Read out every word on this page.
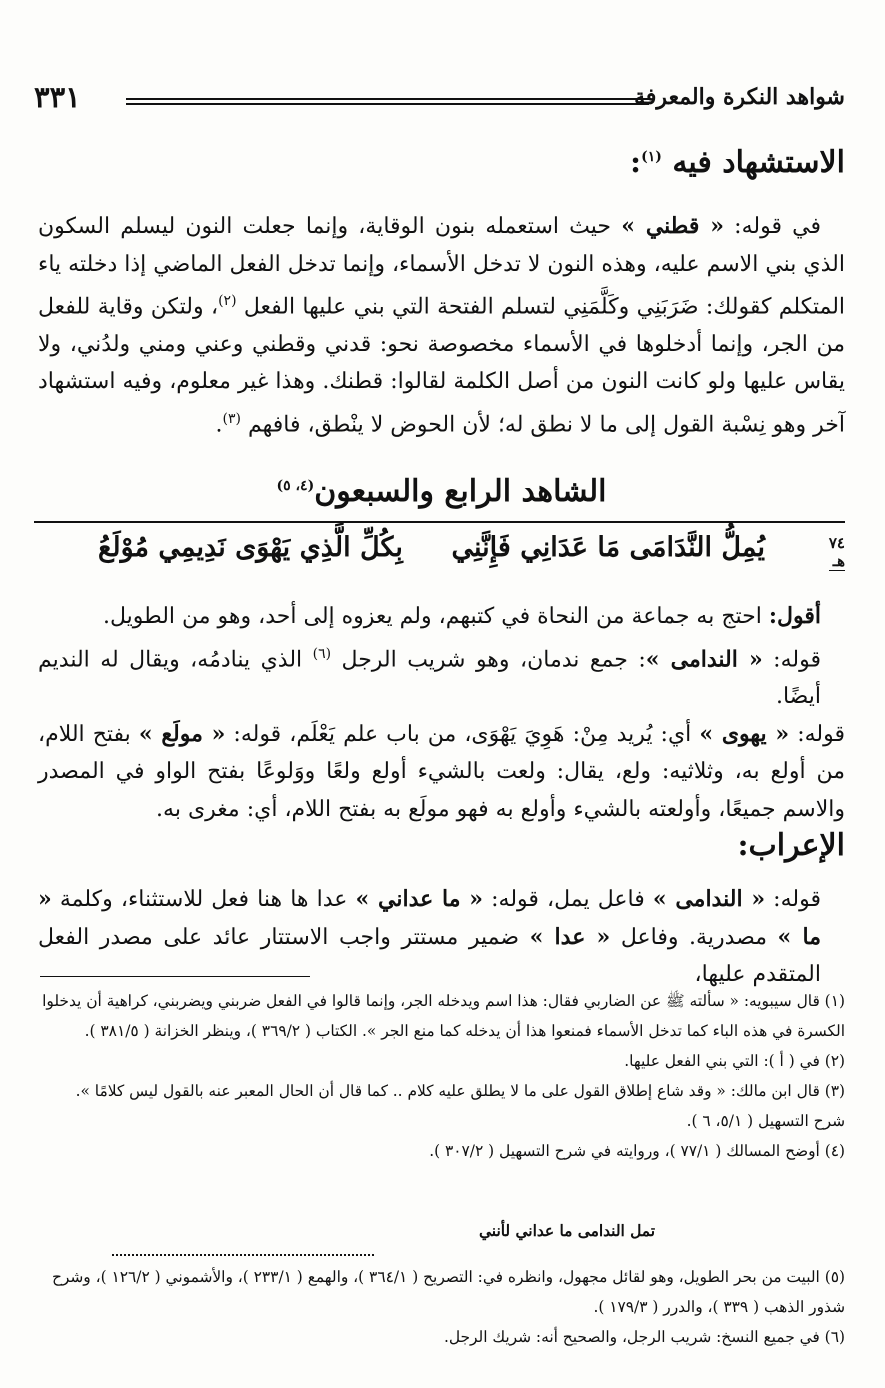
شواهد النكرة والمعرفة
٣٣١
الاستشهاد فيه $^{(١)}$:

في قوله: « قطني » حيث استعمله بنون الوقاية، وإنما جعلت النون ليسلم السكون الذي بني الاسم عليه، وهذه النون لا تدخل الأسماء، وإنما تدخل الفعل الماضي إذا دخلته ياء المتكلم كقولك: ضَرَبَنِي وكَلَّمَنِي لتسلم الفتحة التي بني عليها الفعل $^{(٢)}$، ولتكن وقاية للفعل من الجر، وإنما أدخلوها في الأسماء مخصوصة نحو: قدني وقطني وعني ومني ولدُني، ولا يقاس عليها ولو كانت النون من أصل الكلمة لقالوا: قطنك. وهذا غير معلوم، وفيه استشهاد آخر وهو نِسْبة القول إلى ما لا نطق له؛ لأن الحوض لا ينْطق، فافهم $^{(٣)}$.

الشاهد الرابع والسبعون$^{(٤، ٥)}$
٧٤
هـ
يُمِلُّ النَّدَامَى مَا عَدَانِي فَإِنَّنِي
بِكُلِّ الَّذِي يَهْوَى نَدِيمِي مُوْلَعُ

أقول: احتج به جماعة من النحاة في كتبهم، ولم يعزوه إلى أحد، وهو من الطويل.

قوله: « الندامى »: جمع ندمان، وهو شريب الرجل $^{(٦)}$ الذي ينادمُه، ويقال له النديم أيضًا.

قوله: « يهوى » أي: يُريد مِنْ: هَوِيَ يَهْوَى، من باب علم يَعْلَم، قوله: « مولَع » بفتح اللام، من أولع به، وثلاثيه: ولع، يقال: ولعت بالشيء أولع ولعًا ووَلوعًا بفتح الواو في المصدر والاسم جميعًا، وأولعته بالشيء وأولع به فهو مولَع به بفتح اللام، أي: مغرى به.

الإعراب:

قوله: « الندامى » فاعل يمل، قوله: « ما عداني » عدا ها هنا فعل للاستثناء، وكلمة « ما » مصدرية. وفاعل « عدا » ضمير مستتر واجب الاستتار عائد على مصدر الفعل المتقدم عليها،

(١) قال سيبويه: « سألته ﷺ عن الضاربي فقال: هذا اسم ويدخله الجر، وإنما قالوا في الفعل ضربني ويضربني، كراهية أن يدخلوا الكسرة في هذه الباء كما تدخل الأسماء فمنعوا هذا أن يدخله كما منع الجر ». الكتاب ( ٣٦٩/٢ )، وينظر الخزانة ( ٣٨١/٥ ).

(٢) في ( أ ): التي بني الفعل عليها.

(٣) قال ابن مالك: « وقد شاع إطلاق القول على ما لا يطلق عليه كلام .. كما قال أن الحال المعبر عنه بالقول ليس كلامًا ». شرح التسهيل ( ٥/١، ٦ ).

(٤) أوضح المسالك ( ٧٧/١ )، وروايته في شرح التسهيل ( ٣٠٧/٢ ).

تمل الندامى ما عداني لأنني

(٥) البيت من بحر الطويل، وهو لقائل مجهول، وانظره في: التصريح ( ٣٦٤/١ )، والهمع ( ٢٣٣/١ )، والأشموني ( ١٢٦/٢ )، وشرح شذور الذهب ( ٣٣٩ )، والدرر ( ١٧٩/٣ ).

(٦) في جميع النسخ: شريب الرجل، والصحيح أنه: شريك الرجل.
